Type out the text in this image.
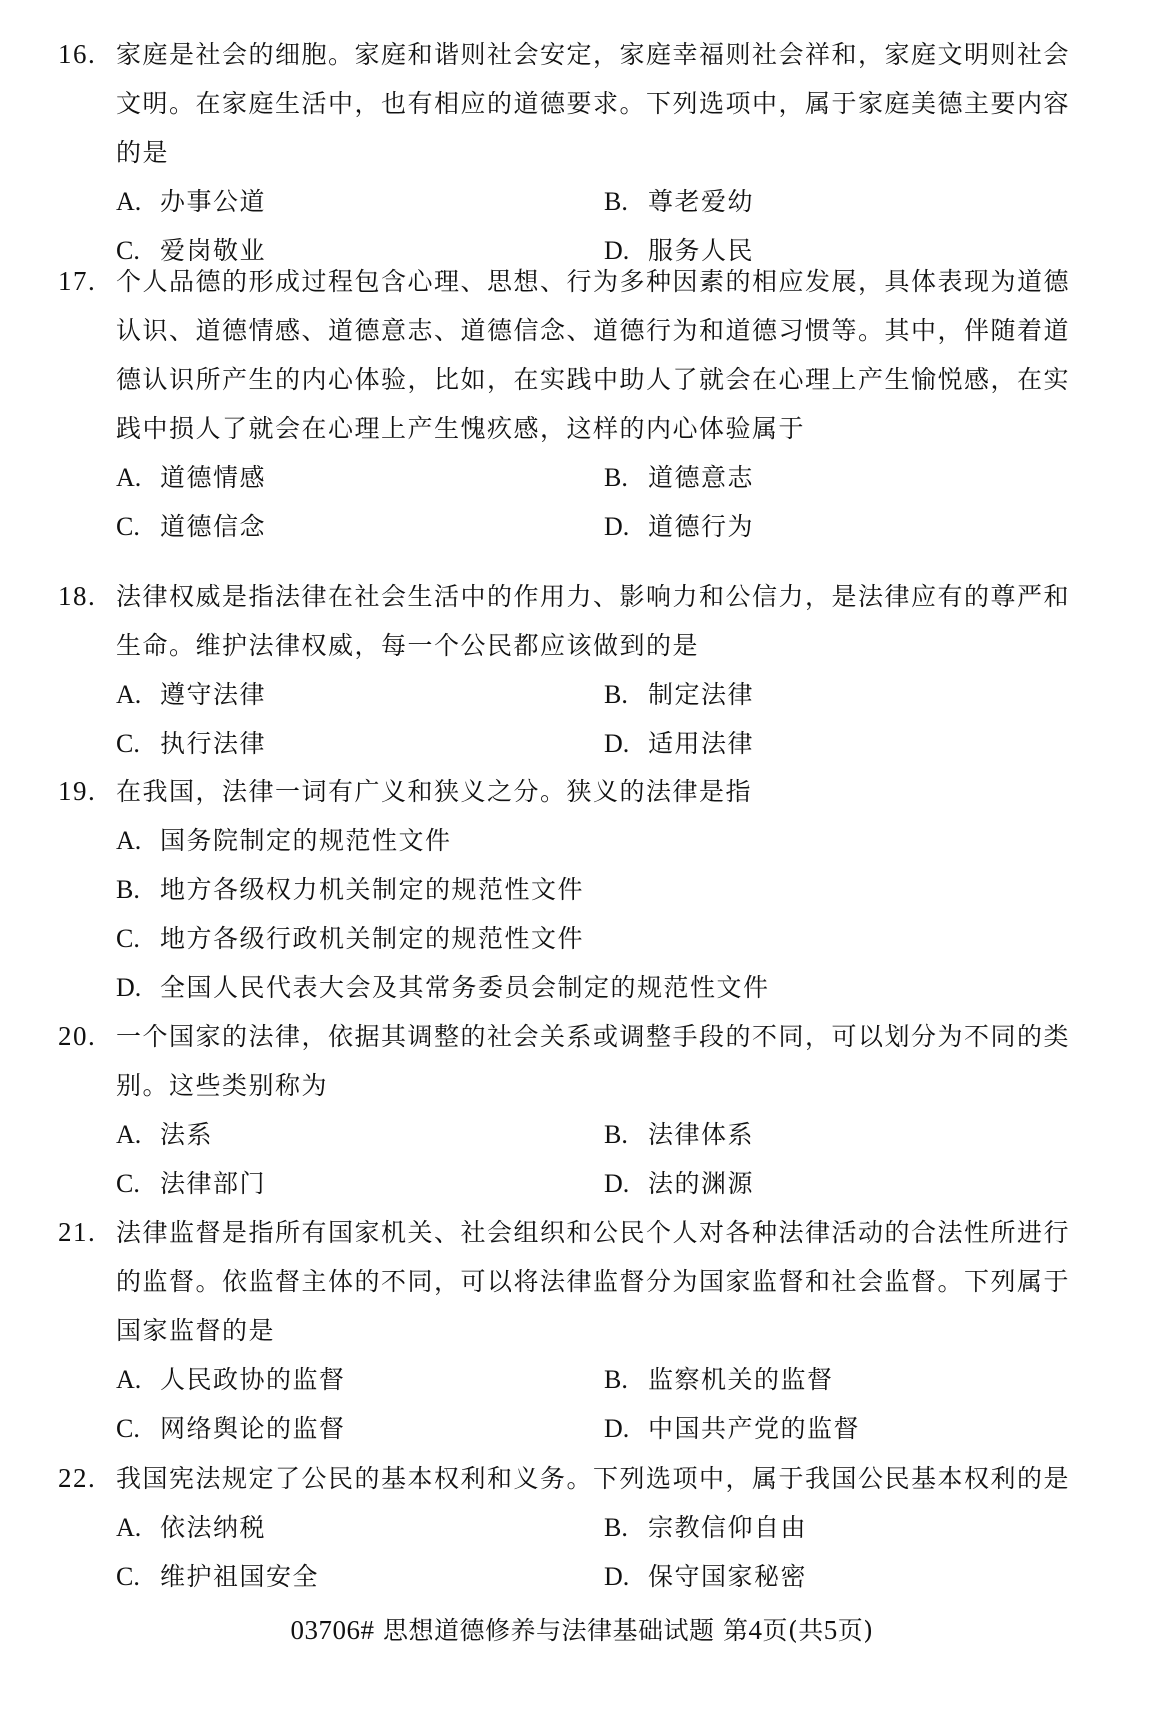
16. 家庭是社会的细胞。家庭和谐则社会安定，家庭幸福则社会祥和，家庭文明则社会
文明。在家庭生活中，也有相应的道德要求。下列选项中，属于家庭美德主要内容
的是
A. 办事公道	B. 尊老爱幼
C. 爱岗敬业	D. 服务人民
17. 个人品德的形成过程包含心理、思想、行为多种因素的相应发展，具体表现为道德
认识、道德情感、道德意志、道德信念、道德行为和道德习惯等。其中，伴随着道
德认识所产生的内心体验，比如，在实践中助人了就会在心理上产生愉悦感，在实
践中损人了就会在心理上产生愧疚感，这样的内心体验属于
A. 道德情感	B. 道德意志
C. 道德信念	D. 道德行为
18. 法律权威是指法律在社会生活中的作用力、影响力和公信力，是法律应有的尊严和
生命。维护法律权威，每一个公民都应该做到的是
A. 遵守法律	B. 制定法律
C. 执行法律	D. 适用法律
19. 在我国，法律一词有广义和狭义之分。狭义的法律是指
A. 国务院制定的规范性文件
B. 地方各级权力机关制定的规范性文件
C. 地方各级行政机关制定的规范性文件
D. 全国人民代表大会及其常务委员会制定的规范性文件
20. 一个国家的法律，依据其调整的社会关系或调整手段的不同，可以划分为不同的类
别。这些类别称为
A. 法系	B. 法律体系
C. 法律部门	D. 法的渊源
21. 法律监督是指所有国家机关、社会组织和公民个人对各种法律活动的合法性所进行
的监督。依监督主体的不同，可以将法律监督分为国家监督和社会监督。下列属于
国家监督的是
A. 人民政协的监督	B. 监察机关的监督
C. 网络舆论的监督	D. 中国共产党的监督
22. 我国宪法规定了公民的基本权利和义务。下列选项中，属于我国公民基本权利的是
A. 依法纳税	B. 宗教信仰自由
C. 维护祖国安全	D. 保守国家秘密
03706# 思想道德修养与法律基础试题 第4页(共5页)
